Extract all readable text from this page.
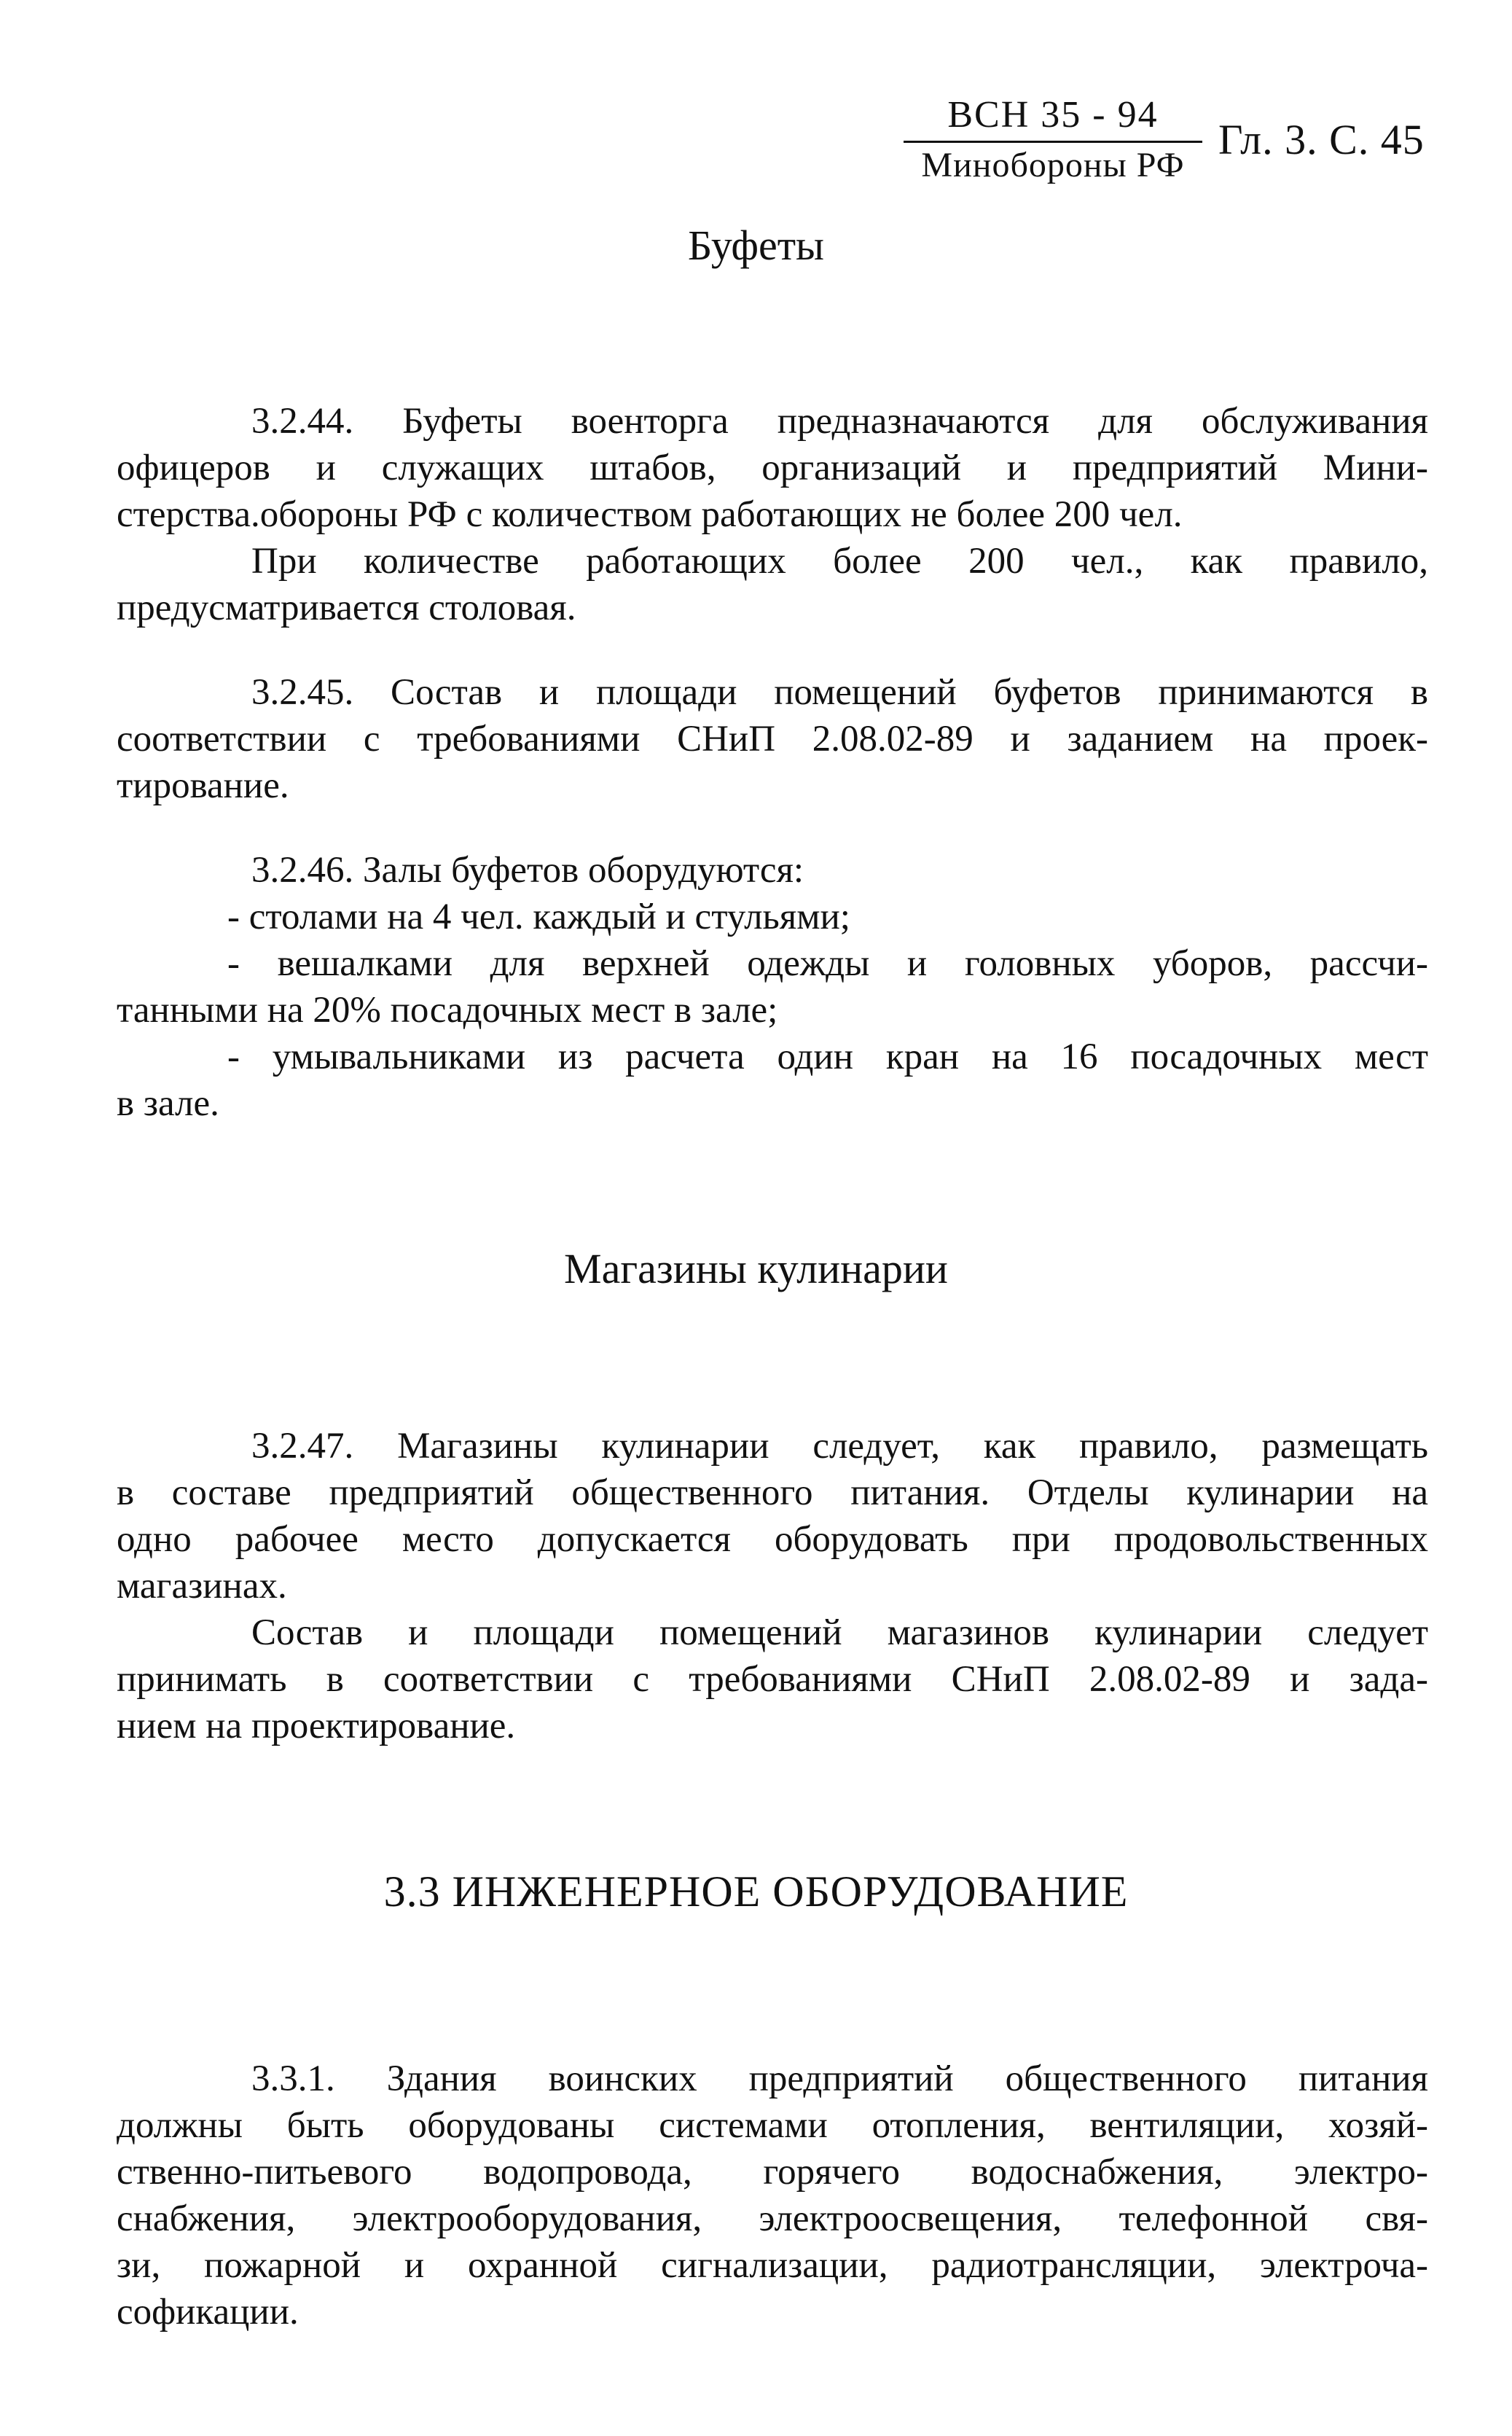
ВСН 35 - 94
Минобороны РФ
Гл. 3. С. 45
Буфеты
3.2.44. Буфеты военторга предназначаются для обслуживания
офицеров и служащих штабов, организаций и предприятий Мини-
стерства.обороны РФ с количеством работающих не более 200 чел.
При количестве работающих более 200 чел., как правило,
предусматривается столовая.
3.2.45. Состав и площади помещений буфетов принимаются в
соответствии с требованиями СНиП 2.08.02-89 и заданием на проек-
тирование.
3.2.46. Залы буфетов оборудуются:
- столами на 4 чел. каждый и стульями;
- вешалками для верхней одежды и головных уборов, рассчи-
танными на 20% посадочных мест в зале;
- умывальниками из расчета один кран на 16 посадочных мест
в зале.
Магазины кулинарии
3.2.47. Магазины кулинарии следует, как правило, размещать
в составе предприятий общественного питания. Отделы кулинарии на
одно рабочее место допускается оборудовать при продовольственных
магазинах.
Состав и площади помещений магазинов кулинарии следует
принимать в соответствии с требованиями СНиП 2.08.02-89 и зада-
нием на проектирование.
3.3 ИНЖЕНЕРНОЕ ОБОРУДОВАНИЕ
3.3.1. Здания воинских предприятий общественного питания
должны быть оборудованы системами отопления, вентиляции, хозяй-
ственно-питьевого водопровода, горячего водоснабжения, электро-
снабжения, электрооборудования, электроосвещения, телефонной свя-
зи, пожарной и охранной сигнализации, радиотрансляции, электроча-
софикации.
